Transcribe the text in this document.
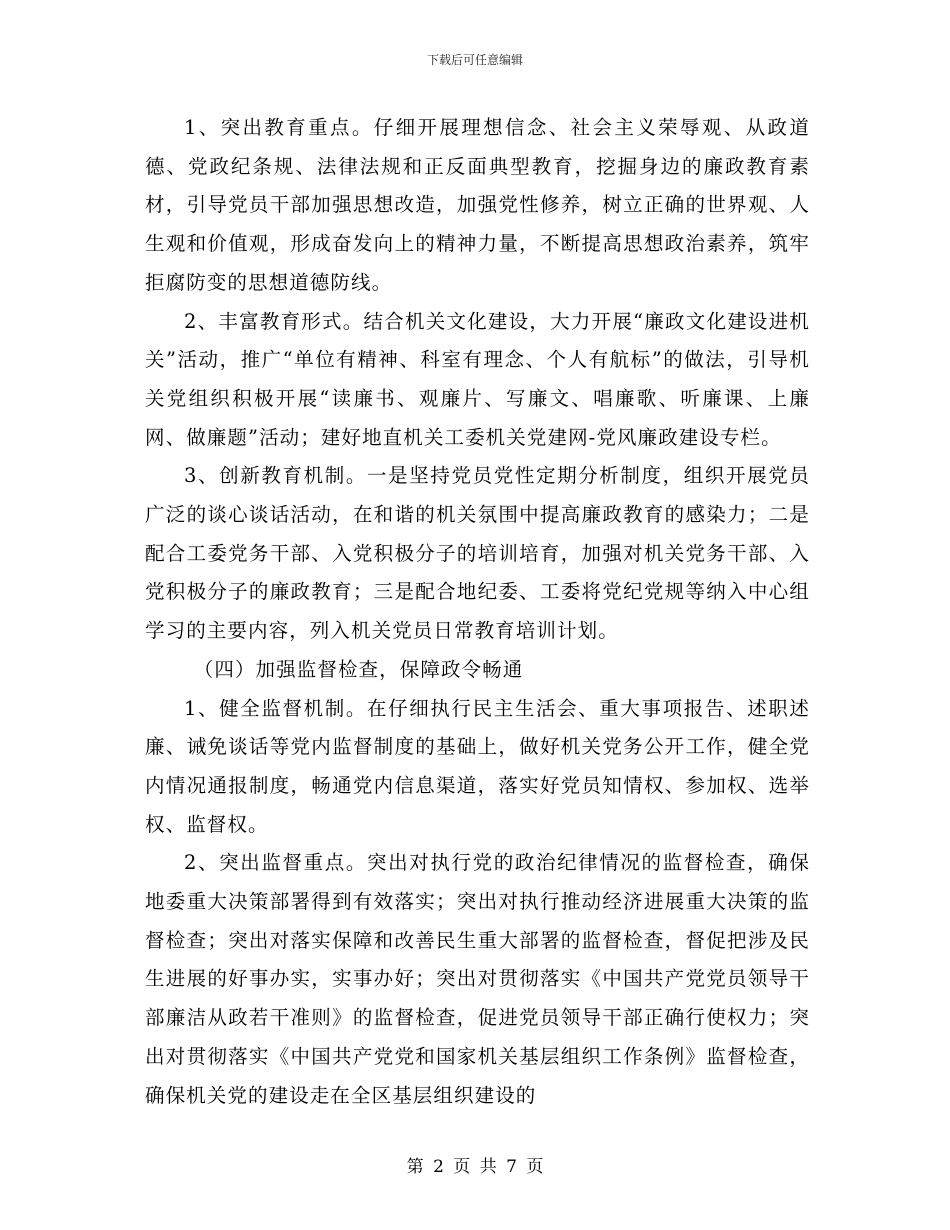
下载后可任意编辑

1、突出教育重点。仔细开展理想信念、社会主义荣辱观、从政道德、党政纪条规、法律法规和正反面典型教育，挖掘身边的廉政教育素材，引导党员干部加强思想改造，加强党性修养，树立正确的世界观、人生观和价值观，形成奋发向上的精神力量，不断提高思想政治素养，筑牢拒腐防变的思想道德防线。

2、丰富教育形式。结合机关文化建设，大力开展“廉政文化建设进机关”活动，推广“单位有精神、科室有理念、个人有航标”的做法，引导机关党组织积极开展“读廉书、观廉片、写廉文、唱廉歌、听廉课、上廉网、做廉题”活动；建好地直机关工委机关党建网-党风廉政建设专栏。

3、创新教育机制。一是坚持党员党性定期分析制度，组织开展党员广泛的谈心谈话活动，在和谐的机关氛围中提高廉政教育的感染力；二是配合工委党务干部、入党积极分子的培训培育，加强对机关党务干部、入党积极分子的廉政教育；三是配合地纪委、工委将党纪党规等纳入中心组学习的主要内容，列入机关党员日常教育培训计划。

（四）加强监督检查，保障政令畅通

1、健全监督机制。在仔细执行民主生活会、重大事项报告、述职述廉、诫免谈话等党内监督制度的基础上，做好机关党务公开工作，健全党内情况通报制度，畅通党内信息渠道，落实好党员知情权、参加权、选举权、监督权。

2、突出监督重点。突出对执行党的政治纪律情况的监督检查，确保地委重大决策部署得到有效落实；突出对执行推动经济进展重大决策的监督检查；突出对落实保障和改善民生重大部署的监督检查，督促把涉及民生进展的好事办实，实事办好；突出对贯彻落实《中国共产党党员领导干部廉洁从政若干准则》的监督检查，促进党员领导干部正确行使权力；突出对贯彻落实《中国共产党党和国家机关基层组织工作条例》监督检查，确保机关党的建设走在全区基层组织建设的

第 2 页 共 7 页
